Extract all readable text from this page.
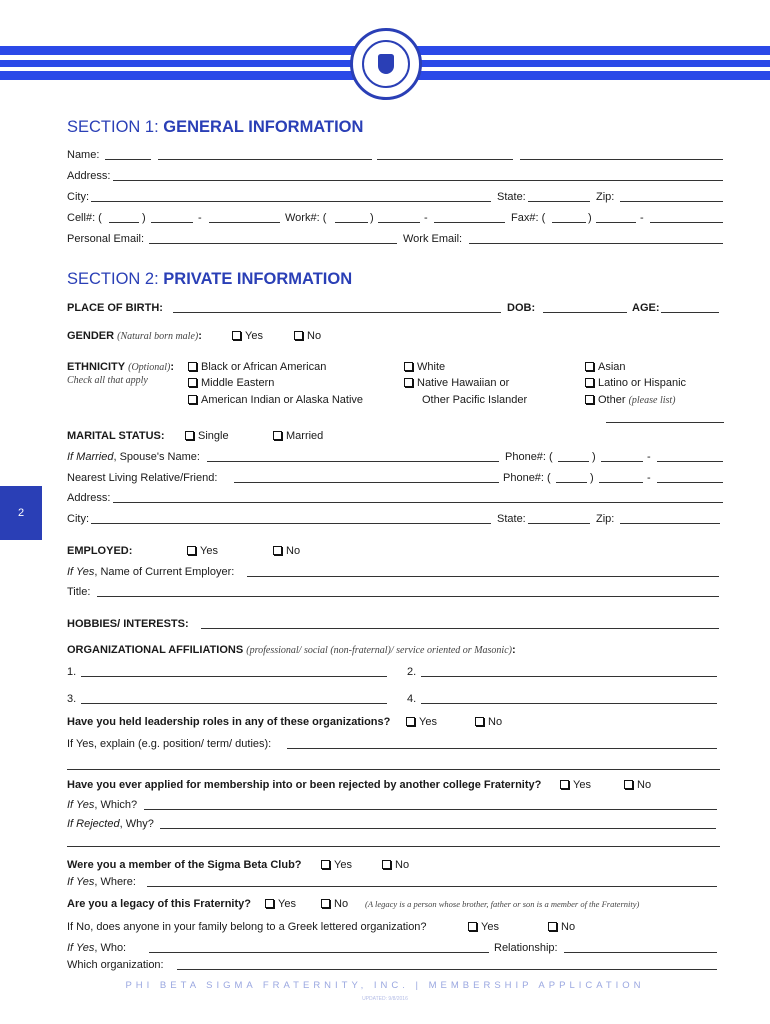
2
SECTION 1: GENERAL INFORMATION
Name:
Address:
City:	State:	Zip:
Cell#: (	)	-	Work#: (	)	-	Fax#: (	)	-
Personal Email:	Work Email:
SECTION 2: PRIVATE INFORMATION
PLACE OF BIRTH:	DOB:	AGE:
GENDER (Natural born male):	Yes	No
ETHNICITY (Optional):
Check all that apply
Black or African American
Middle Eastern
American Indian or Alaska Native
White
Native Hawaiian or
Other Pacific Islander
Asian
Latino or Hispanic
Other (please list)
MARITAL STATUS:	Single	Married
If Married, Spouse's Name:	Phone#: (	)	-
Nearest Living Relative/Friend:	Phone#: (	)	-
Address:
City:	State:	Zip:
EMPLOYED:	Yes	No
If Yes, Name of Current Employer:
Title:
HOBBIES/ INTERESTS:
ORGANIZATIONAL AFFILIATIONS (professional/ social (non-fraternal)/ service oriented or Masonic):
1.	2.
3.	4.
Have you held leadership roles in any of these organizations?	Yes	No
If Yes, explain (e.g. position/ term/ duties):
Have you ever applied for membership into or been rejected by another college Fraternity?	Yes	No
If Yes, Which?
If Rejected, Why?
Were you a member of the Sigma Beta Club?	Yes	No
If Yes, Where:
Are you a legacy of this Fraternity?	Yes	No (A legacy is a person whose brother, father or son is a member of the Fraternity)
If No, does anyone in your family belong to a Greek lettered organization?	Yes	No
If Yes, Who:	Relationship:
Which organization:
PHI BETA SIGMA FRATERNITY, INC. | MEMBERSHIP APPLICATION
UPDATED: 9/8/2016
